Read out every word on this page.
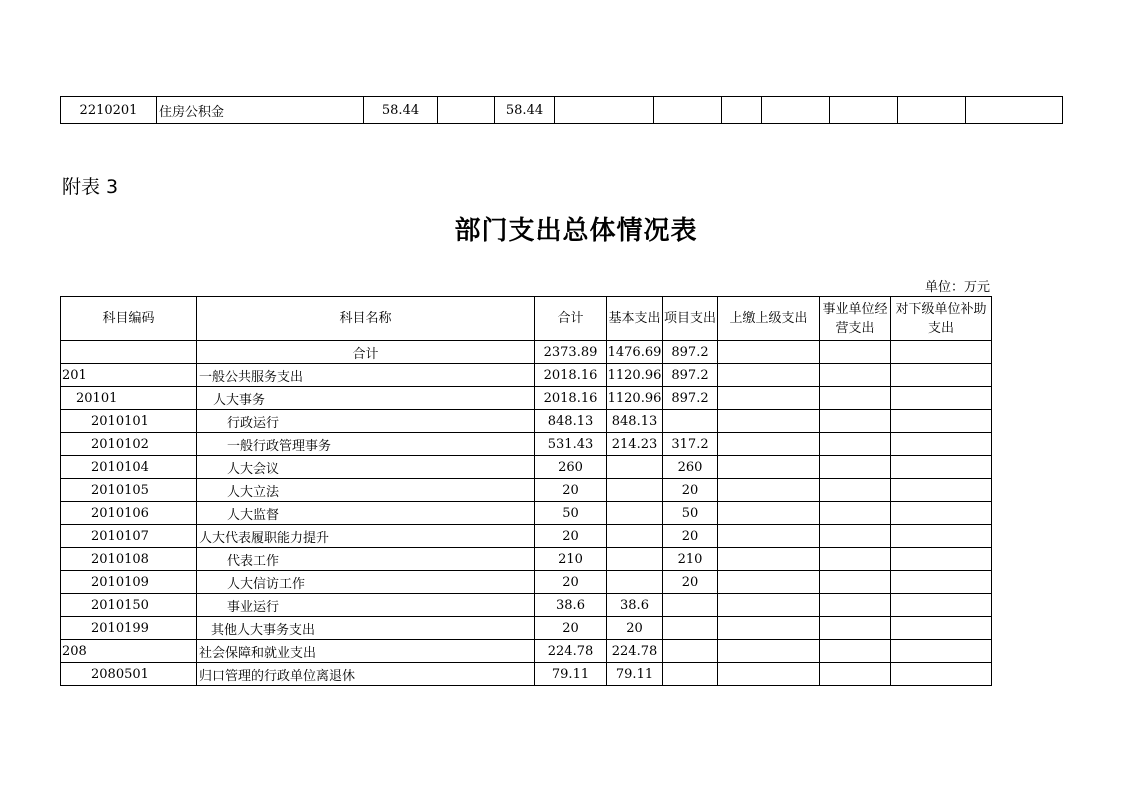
2210201	住房公积金	58.44		58.44							
附表 3
部门支出总体情况表
单位：万元
科目编码	科目名称	合计	基本支出	项目支出	上缴上级支出	事业单位经营支出	对下级单位补助支出
	合计	2373.89	1476.69	897.2			
201	一般公共服务支出	2018.16	1120.96	897.2			
20101	人大事务	2018.16	1120.96	897.2			
2010101	行政运行	848.13	848.13				
2010102	一般行政管理事务	531.43	214.23	317.2			
2010104	人大会议	260		260			
2010105	人大立法	20		20			
2010106	人大监督	50		50			
2010107	人大代表履职能力提升	20		20			
2010108	代表工作	210		210			
2010109	人大信访工作	20		20			
2010150	事业运行	38.6	38.6				
2010199	其他人大事务支出	20	20				
208	社会保障和就业支出	224.78	224.78				
2080501	归口管理的行政单位离退休	79.11	79.11				
